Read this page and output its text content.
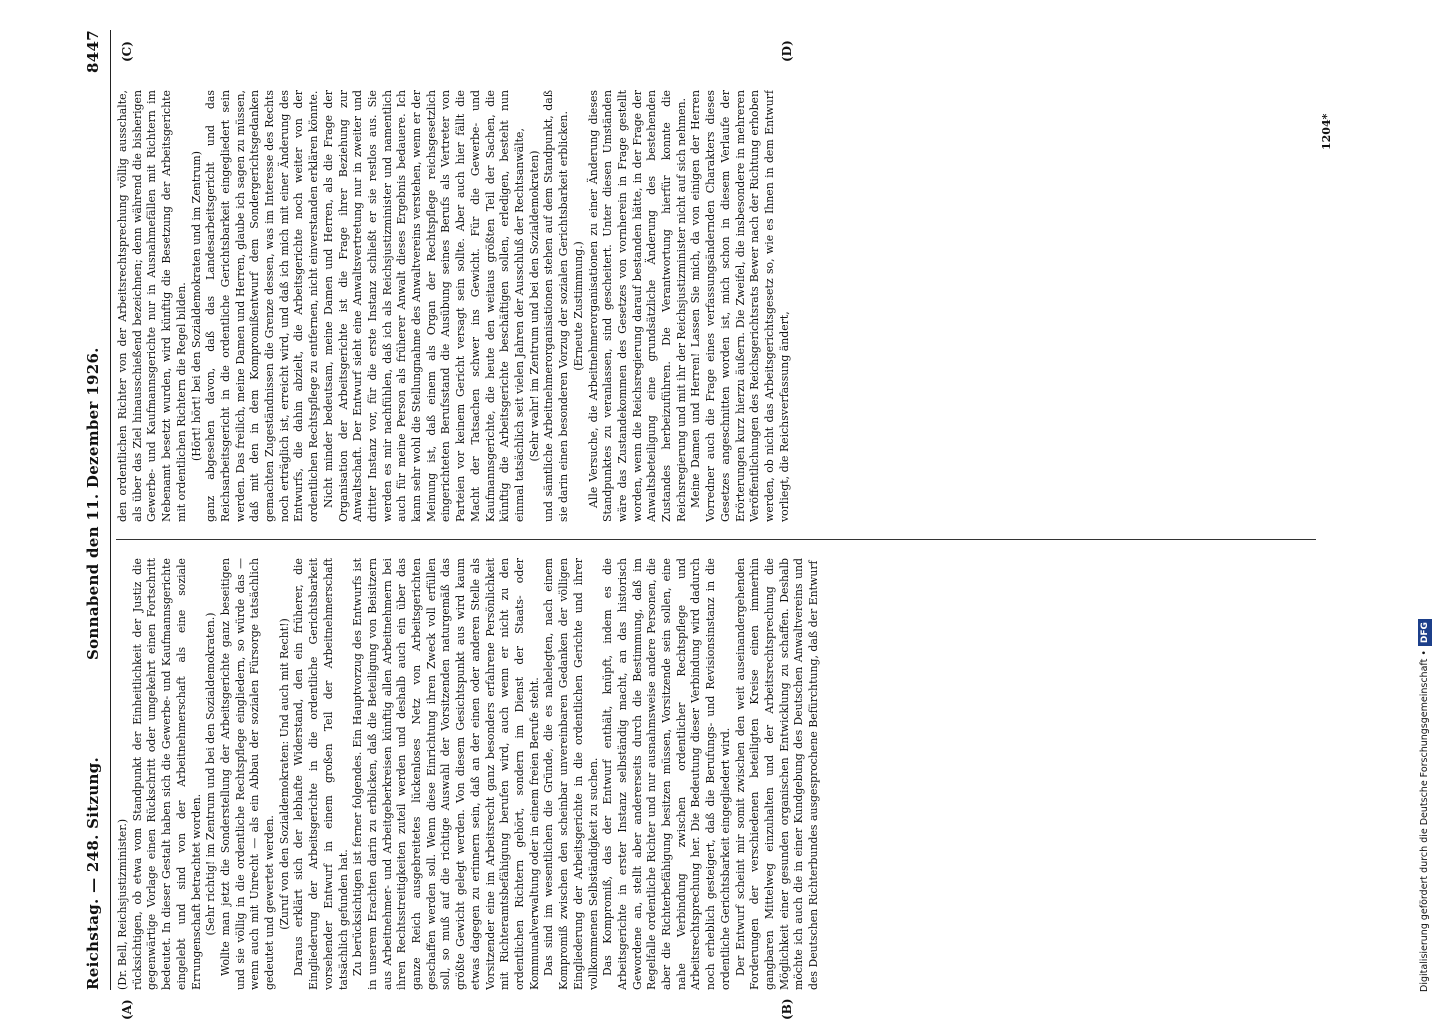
Reichstag. — 248. Sitzung.
Sonnabend den 11. Dezember 1926.
8447
(A)	(B)
(C)	(D)

(Dr. Bell, Reichsjustizminister.) rücksichtigen, ob etwa vom Standpunkt der Einheitlichkeit der Justiz die gegenwärtige Vorlage einen Rückschritt oder umgekehrt einen Fortschritt bedeutet. In dieser Gestalt haben sich die Gewerbe- und Kaufmannsgerichte eingelebt und sind von der Arbeitnehmerschaft als eine soziale Errungenschaft betrachtet worden. (Sehr richtig! im Zentrum und bei den Sozialdemokraten.) Wollte man jetzt die Sonderstellung der Arbeitsgerichte ganz beseitigen und sie völlig in die ordentliche Rechtspflege eingliedern, so würde das — wenn auch mit Unrecht — als ein Abbau der sozialen Fürsorge tatsächlich gedeutet und gewertet werden. (Zuruf von den Sozialdemokraten: Und auch mit Recht!) Daraus erklärt sich der lebhafte Widerstand, den ein früherer, die Eingliederung der Arbeitsgerichte in die ordentliche Gerichtsbarkeit vorsehender Entwurf in einem großen Teil der Arbeitnehmerschaft tatsächlich gefunden hat. Zu berücksichtigen ist ferner folgendes. Ein Hauptvorzug des Entwurfs ist in unserem Erachten darin zu erblicken, daß die Beteiligung von Beisitzern aus Arbeitnehmer- und Arbeitgeberkreisen künftig allen Arbeitnehmern bei ihren Rechtsstreitigkeiten zuteil werden und deshalb auch ein über das ganze Reich ausgebreitetes lückenloses Netz von Arbeitsgerichten geschaffen werden soll. Wenn diese Einrichtung ihren Zweck voll erfüllen soll, so muß auf die richtige Auswahl der Vorsitzenden naturgemäß das größte Gewicht gelegt werden. Von diesem Gesichtspunkt aus wird kaum etwas dagegen zu erinnern sein, daß an der einen oder anderen Stelle als Vorsitzender eine im Arbeitsrecht ganz besonders erfahrene Persönlichkeit mit Richteramtsbefähigung berufen wird, auch wenn er nicht zu den ordentlichen Richtern gehört, sondern im Dienst der Staats- oder Kommunalverwaltung oder in einem freien Berufe steht. Das sind im wesentlichen die Gründe, die es nahelegten, nach einem Kompromiß zwischen den scheinbar unvereinbaren Gedanken der völligen Eingliederung der Arbeitsgerichte in die ordentlichen Gerichte und ihrer vollkommenen Selbständigkeit zu suchen. Das Kompromiß, das der Entwurf enthält, knüpft, indem es die Arbeitsgerichte in erster Instanz selbständig macht, an das historisch Gewordene an, stellt aber andererseits durch die Bestimmung, daß im Regelfalle ordentliche Richter und nur ausnahmsweise andere Personen, die aber die Richterbefähigung besitzen müssen, Vorsitzende sein sollen, eine nahe Verbindung zwischen ordentlicher Rechtspflege und Arbeitsrechtsprechung her. Die Bedeutung dieser Verbindung wird dadurch noch erheblich gesteigert, daß die Berufungs- und Revisionsinstanz in die ordentliche Gerichtsbarkeit eingegliedert wird. Der Entwurf scheint mir somit zwischen den weit auseinandergehenden Forderungen der verschiedenen beteiligten Kreise einen immerhin gangbaren Mittelweg einzuhalten und der Arbeitsrechtsprechung die Möglichkeit einer gesunden organischen Entwicklung zu schaffen. Deshalb möchte ich auch die in einer Kundgebung des Deutschen Anwaltvereins und des Deutschen Richterbundes ausgesprochene Befürchtung, daß der Entwurf

den ordentlichen Richter von der Arbeitsrechtsprechung völlig ausschalte, als über das Ziel hinausschießend bezeichnen; denn während die bisherigen Gewerbe- und Kaufmannsgerichte nur in Ausnahmefällen mit Richtern im Nebenamt besetzt wurden, wird künftig die Besetzung der Arbeitsgerichte mit ordentlichen Richtern die Regel bilden. (Hört! hört! bei den Sozialdemokraten und im Zentrum) ganz abgesehen davon, daß das Landesarbeitsgericht und das Reichsarbeitsgericht in die ordentliche Gerichtsbarkeit eingegliedert sein werden. Das freilich, meine Damen und Herren, glaube ich sagen zu müssen, daß mit den in dem Kompromißentwurf dem Sondergerichtsgedanken gemachten Zugeständnissen die Grenze dessen, was im Interesse des Rechts noch erträglich ist, erreicht wird, und daß ich mich mit einer Änderung des Entwurfs, die dahin abzielt, die Arbeitsgerichte noch weiter von der ordentlichen Rechtspflege zu entfernen, nicht einverstanden erklären könnte. Nicht minder bedeutsam, meine Damen und Herren, als die Frage der Organisation der Arbeitsgerichte ist die Frage ihrer Beziehung zur Anwaltschaft. Der Entwurf sieht eine Anwaltsvertretung nur in zweiter und dritter Instanz vor, für die erste Instanz schließt er sie restlos aus. Sie werden es mir nachfühlen, daß ich als Reichsjustizminister und namentlich auch für meine Person als früherer Anwalt dieses Ergebnis bedauere. Ich kann sehr wohl die Stellungnahme des Anwaltvereins verstehen, wenn er der Meinung ist, daß einem als Organ der Rechtspflege reichsgesetzlich eingerichteten Berufsstand die Ausübung seines Berufs als Vertreter von Parteien vor keinem Gericht versagt sein sollte. Aber auch hier fällt die Macht der Tatsachen schwer ins Gewicht. Für die Gewerbe- und Kaufmannsgerichte, die heute den weitaus größten Teil der Sachen, die künftig die Arbeitsgerichte beschäftigen sollen, erledigen, besteht nun einmal tatsächlich seit vielen Jahren der Ausschluß der Rechtsanwälte, (Sehr wahr! im Zentrum und bei den Sozialdemokraten) und sämtliche Arbeitnehmerorganisationen stehen auf dem Standpunkt, daß sie darin einen besonderen Vorzug der sozialen Gerichtsbarkeit erblicken. (Erneute Zustimmung.) Alle Versuche, die Arbeitnehmerorganisationen zu einer Änderung dieses Standpunktes zu veranlassen, sind gescheitert. Unter diesen Umständen wäre das Zustandekommen des Gesetzes von vornherein in Frage gestellt worden, wenn die Reichsregierung darauf bestanden hätte, in der Frage der Anwaltsbeteiligung eine grundsätzliche Änderung des bestehenden Zustandes herbeizuführen. Die Verantwortung hierfür konnte die Reichsregierung und mit ihr der Reichsjustizminister nicht auf sich nehmen. Meine Damen und Herren! Lassen Sie mich, da von einigen der Herren Vorredner auch die Frage eines verfassungsändernden Charakters dieses Gesetzes angeschnitten worden ist, mich schon in diesem Verlaufe der Erörterungen kurz hierzu äußern. Die Zweifel, die insbesondere in mehreren Veröffentlichungen des Reichsgerichtsrats Bewer nach der Richtung erhoben werden, ob nicht das Arbeitsgerichtsgesetz so, wie es Ihnen in dem Entwurf vorliegt, die Reichsverfassung ändert,

1204*
Digitalisierung gefördert durch die Deutsche Forschungsgemeinschaft •DFG
